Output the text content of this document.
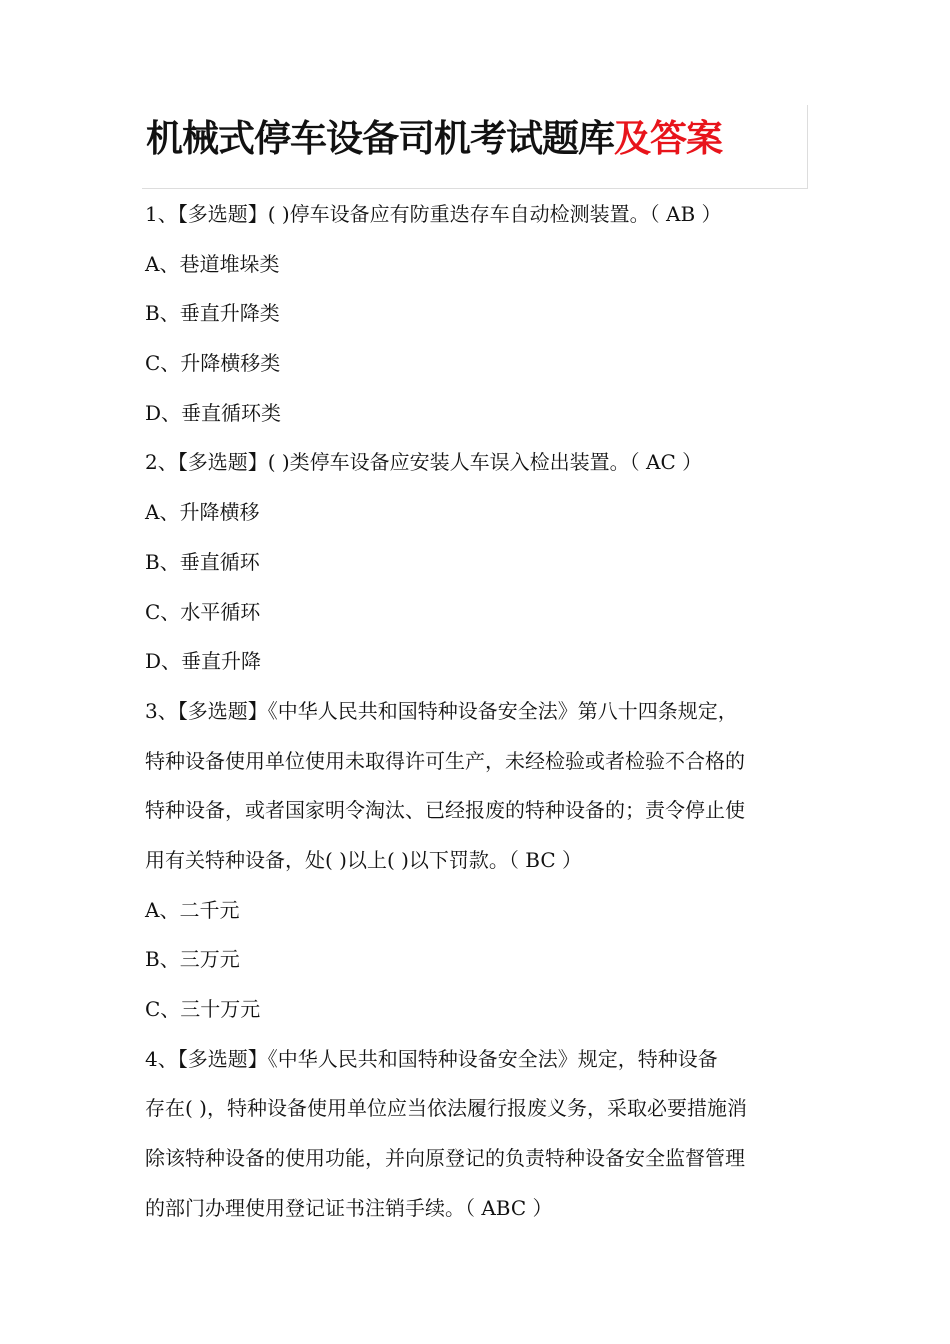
机械式停车设备司机考试题库及答案
1、【多选题】( )停车设备应有防重迭存车自动检测装置。（ AB ）
A、巷道堆垛类
B、垂直升降类
C、升降横移类
D、垂直循环类
2、【多选题】( )类停车设备应安装人车误入检出装置。（ AC ）
A、升降横移
B、垂直循环
C、水平循环
D、垂直升降
3、【多选题】《中华人民共和国特种设备安全法》第八十四条规定，
特种设备使用单位使用未取得许可生产，未经检验或者检验不合格的
特种设备，或者国家明令淘汰、已经报废的特种设备的；责令停止使
用有关特种设备，处( )以上( )以下罚款。（ BC ）
A、二千元
B、三万元
C、三十万元
4、【多选题】《中华人民共和国特种设备安全法》规定，特种设备
存在( )，特种设备使用单位应当依法履行报废义务，采取必要措施消
除该特种设备的使用功能，并向原登记的负责特种设备安全监督管理
的部门办理使用登记证书注销手续。（ ABC ）
